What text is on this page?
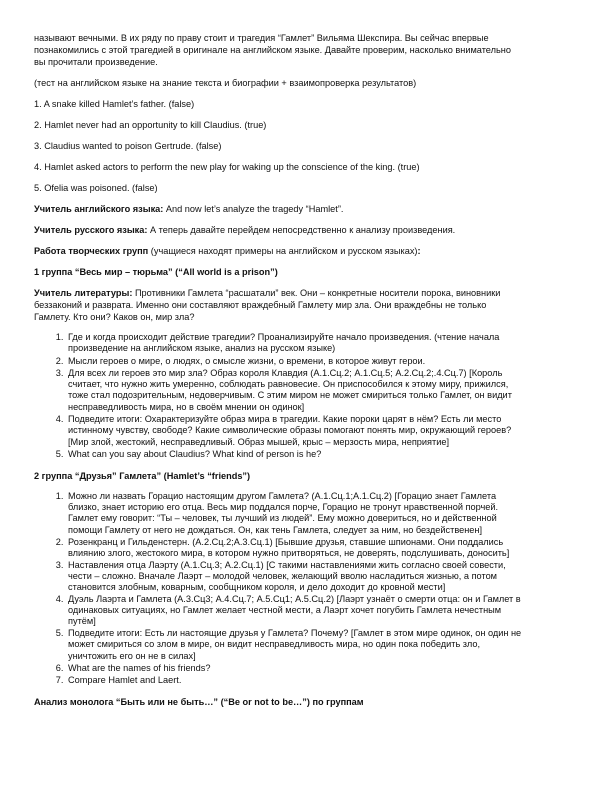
называют вечными. В их ряду по праву стоит и трагедия “Гамлет” Вильяма Шекспира. Вы сейчас впервые
познакомились с этой трагедией в оригинале на английском языке. Давайте проверим, насколько внимательно
вы прочитали произведение.

(тест на английском языке на знание текста и биографии + взаимопроверка результатов)

1. A snake killed Hamlet’s father. (false)

2. Hamlet never had an opportunity to kill Claudius. (true)

3. Claudius wanted to poison Gertrude. (false)

4. Hamlet asked actors to perform the new play for waking up the conscience of the king. (true)

5. Ofelia was poisoned. (false)

Учитель английского языка: And now let’s analyze the tragedy “Hamlet”.

Учитель русского языка: А теперь давайте перейдем непосредственно к анализу произведения.

Работа творческих групп (учащиеся находят примеры на английском и русском языках):

1 группа “Весь мир – тюрьма” (“All world is a prison”)

Учитель литературы: Противники Гамлета “расшатали” век. Они – конкретные носители порока, виновники
беззаконий и разврата. Именно они составляют враждебный Гамлету мир зла. Они враждебны не только
Гамлету. Кто они? Каков он, мир зла?

1. Где и когда происходит действие трагедии? Проанализируйте начало произведения. (чтение начала
произведение на английском языке, анализ на русском языке)
2. Мысли героев о мире, о людях, о смысле жизни, о времени, в которое живут герои.
3. Для всех ли героев это мир зла? Образ короля Клавдия (А.1.Сц.2; А.1.Сц.5; А.2.Сц.2;.4.Сц.7) [Король
считает, что нужно жить умеренно, соблюдать равновесие. Он приспособился к этому миру, прижился,
тоже стал подозрительным, недоверчивым. С этим миром не может смириться только Гамлет, он видит
несправедливость мира, но в своём мнении он одинок]
4. Подведите итоги: Охарактеризуйте образ мира в трагедии. Какие пороки царят в нём? Есть ли место
истинному чувству, свободе? Какие символические образы помогают понять мир, окружающий героев?
[Мир злой, жестокий, несправедливый. Образ мышей, крыс – мерзость мира, неприятие]
5. What can you say about Claudius? What kind of person is he?

2 группа “Друзья” Гамлета” (Hamlet’s “friends”)

1. Можно ли назвать Горацио настоящим другом Гамлета? (А.1.Сц.1;А.1.Сц.2) [Горацио знает Гамлета
близко, знает историю его отца. Весь мир поддался порче, Горацио не тронут нравственной порчей.
Гамлет ему говорит: “Ты – человек, ты лучший из людей”. Ему можно довериться, но и действенной
помощи Гамлету от него не дождаться. Он, как тень Гамлета, следует за ним, но бездейственен]
2. Розенкранц и Гильденстерн. (А.2.Сц.2;А.3.Сц.1) [Бывшие друзья, ставшие шпионами. Они поддались
влиянию злого, жестокого мира, в котором нужно притворяться, не доверять, подслушивать, доносить]
3. Наставления отца Лаэрту (А.1.Сц.3; А.2.Сц.1) [С такими наставлениями жить согласно своей совести,
чести – сложно. Вначале Лаэрт – молодой человек, желающий вволю насладиться жизнью, а потом
становится злобным, коварным, сообщником короля, и дело доходит до кровной мести]
4. Дуэль Лаэрта и Гамлета (А.3.Сц3; А.4.Сц.7; А.5.Сц1; А.5.Сц.2) [Лаэрт узнаёт о смерти отца: он и Гамлет в
одинаковых ситуациях, но Гамлет желает честной мести, а Лаэрт хочет погубить Гамлета нечестным
путём]
5. Подведите итоги: Есть ли настоящие друзья у Гамлета? Почему? [Гамлет в этом мире одинок, он один не
может смириться со злом в мире, он видит несправедливость мира, но один пока победить зло,
уничтожить его он не в силах]
6. What are the names of his friends?
7. Compare Hamlet and Laert.

Анализ монолога “Быть или не быть…” (“Be or not to be…”) по группам
